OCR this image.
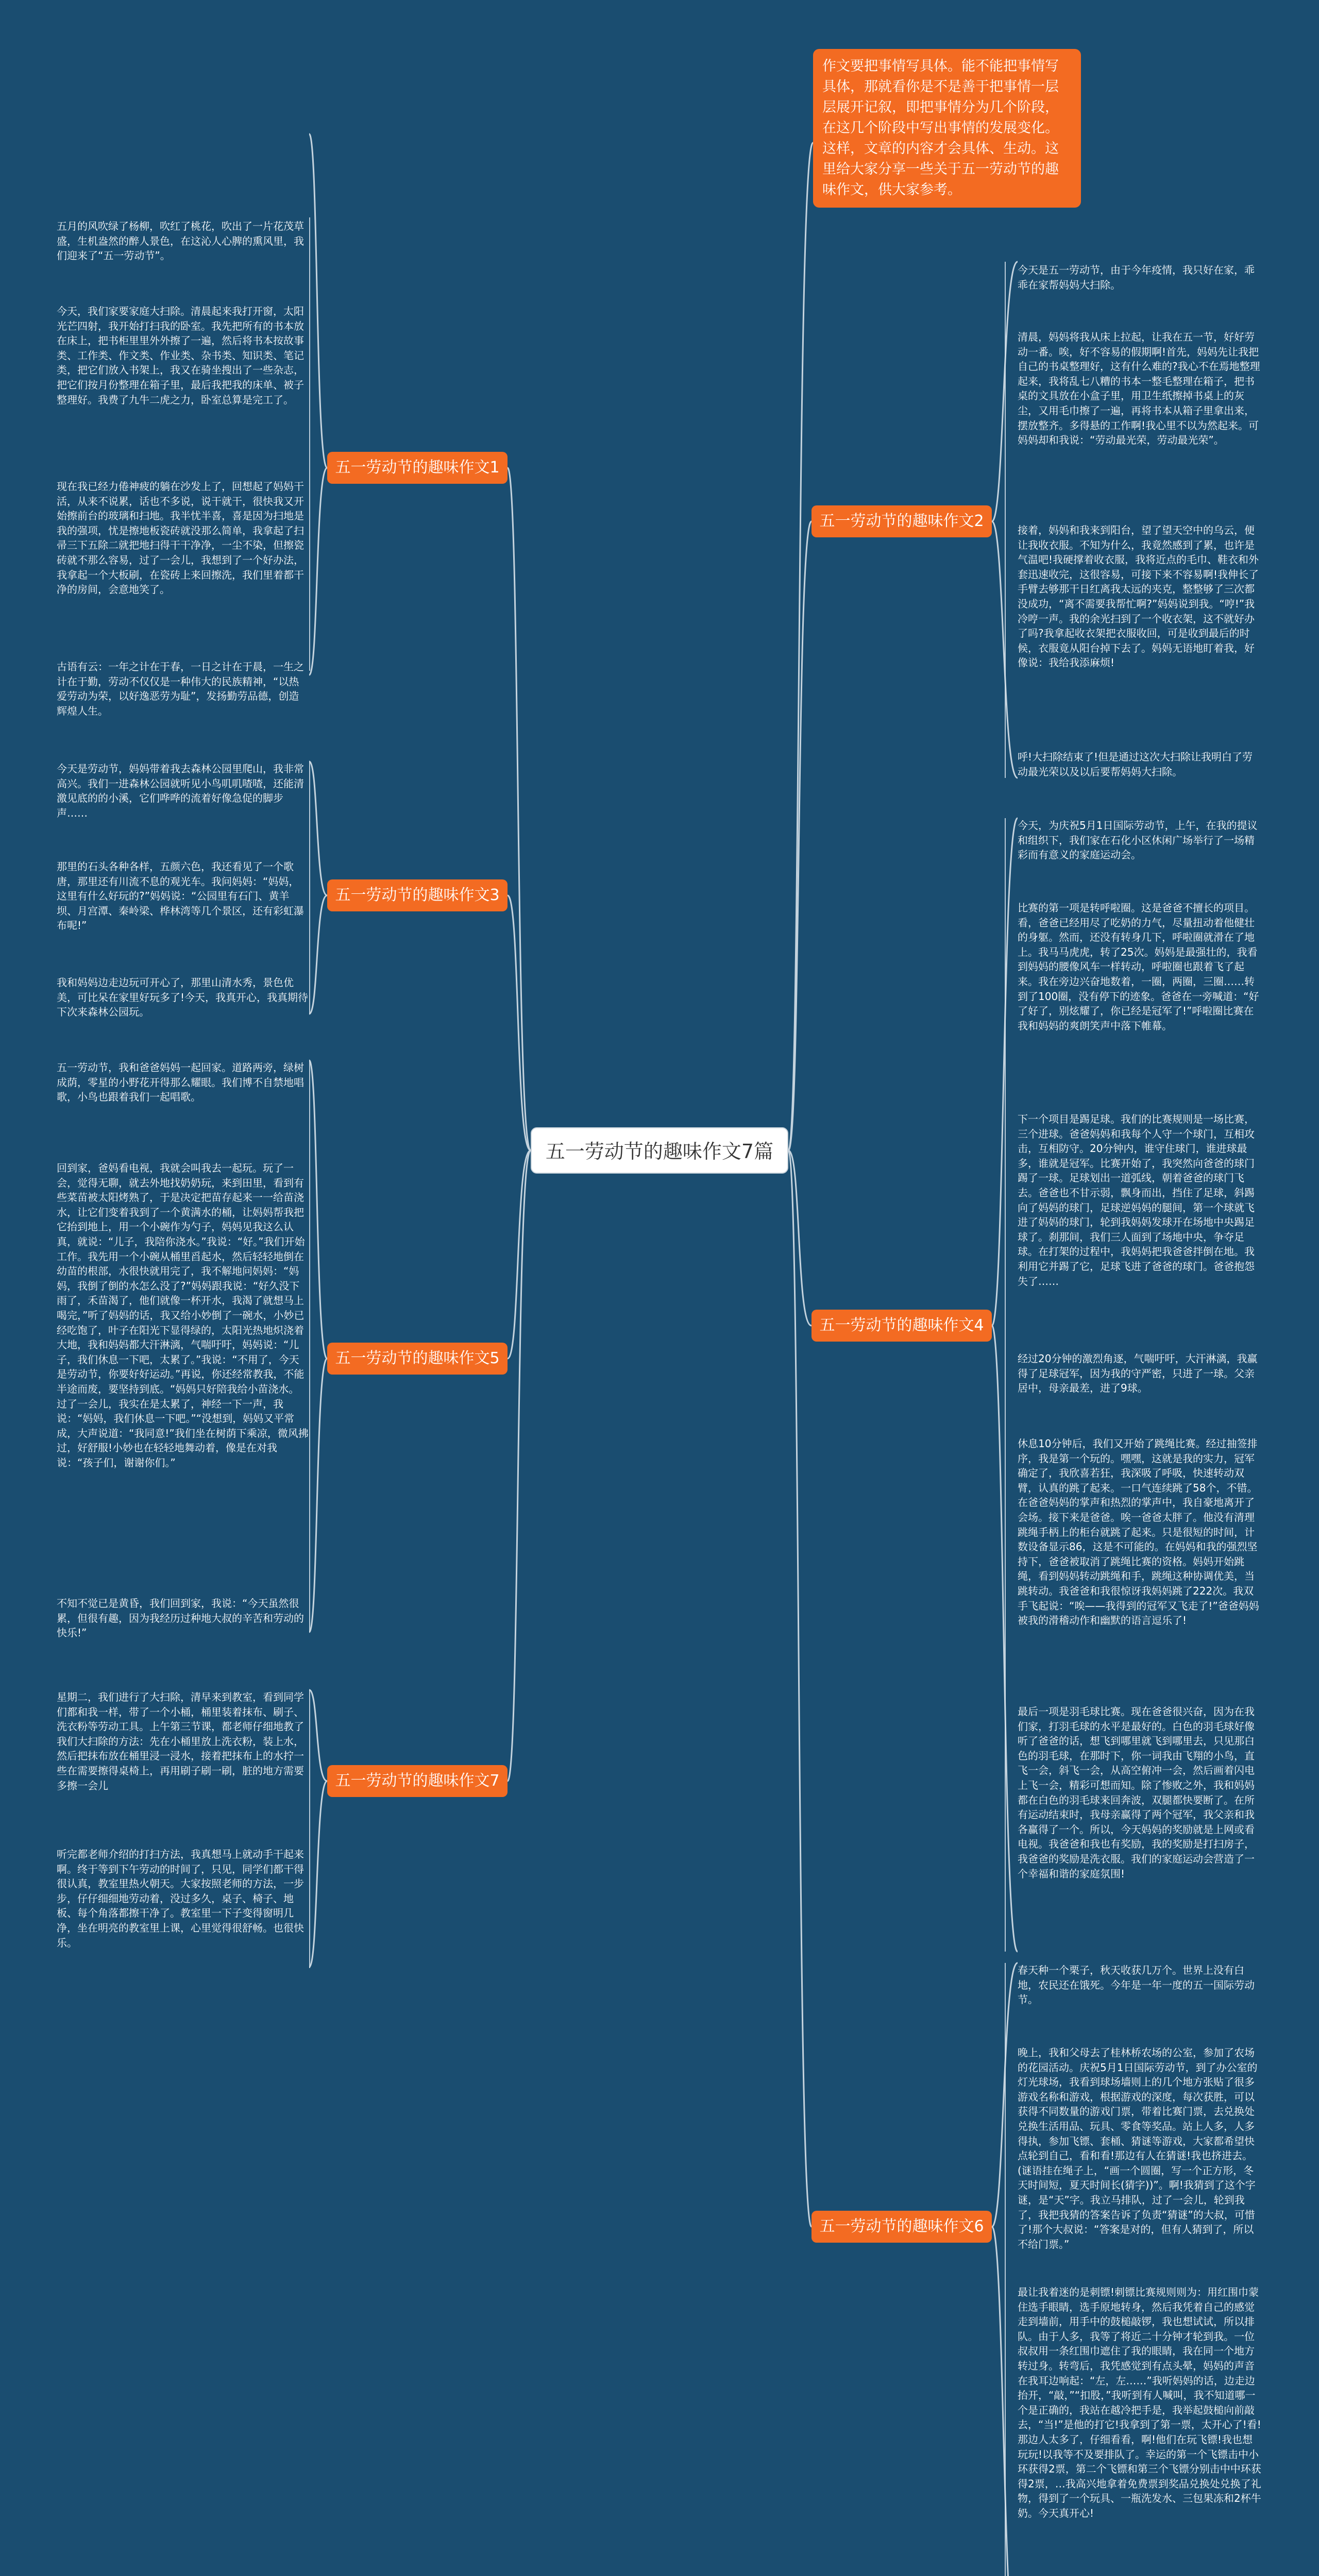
五一劳动节的趣味作文7篇
作文要把事情写具体。能不能把事情写具体，那就看你是不是善于把事情一层层展开记叙，即把事情分为几个阶段，在这几个阶段中写出事情的发展变化。这样，文章的内容才会具体、生动。这里给大家分享一些关于五一劳动节的趣味作文，供大家参考。
五一劳动节的趣味作文1
五一劳动节的趣味作文3
五一劳动节的趣味作文5
五一劳动节的趣味作文7
五一劳动节的趣味作文2
五一劳动节的趣味作文4
五一劳动节的趣味作文6

五月的风吹绿了杨柳，吹红了桃花，吹出了一片花茂草盛，生机盎然的醉人景色，在这沁人心脾的熏风里，我们迎来了“五一劳动节”。

今天，我们家要家庭大扫除。清晨起来我打开窗，太阳光芒四射，我开始打扫我的卧室。我先把所有的书本放在床上，把书柜里里外外擦了一遍，然后将书本按故事类、工作类、作文类、作业类、杂书类、知识类、笔记类，把它们放入书架上，我又在骑坐搜出了一些杂志，把它们按月份整理在箱子里，最后我把我的床单、被子整理好。我费了九牛二虎之力，卧室总算是完工了。

现在我已经力倦神疲的躺在沙发上了，回想起了妈妈干活，从来不说累，话也不多说，说干就干，很快我又开始擦前台的玻璃和扫地。我半忧半喜，喜是因为扫地是我的强项，忧是擦地板瓷砖就没那么简单，我拿起了扫帚三下五除二就把地扫得干干净净，一尘不染，但擦瓷砖就不那么容易，过了一会儿，我想到了一个好办法，我拿起一个大板刷，在瓷砖上来回擦洗，我们里着都干净的房间，会意地笑了。

古语有云：一年之计在于春，一日之计在于晨，一生之计在于勤，劳动不仅仅是一种伟大的民族精神，“以热爱劳动为荣，以好逸恶劳为耻”，发扬勤劳品德，创造辉煌人生。

今天是劳动节，妈妈带着我去森林公园里爬山，我非常高兴。我们一进森林公园就听见小鸟叽叽喳喳，还能清激见底的的小溪，它们哗哗的流着好像急促的脚步声……

那里的石头各种各样，五颜六色，我还看见了一个歌唐，那里还有川流不息的观光车。我问妈妈：“妈妈，这里有什么好玩的?”妈妈说：“公园里有石门、黄羊坝、月宫潭、秦岭梁、桦林湾等几个景区，还有彩虹瀑布呢!”

我和妈妈边走边玩可开心了，那里山清水秀，景色优美，可比呆在家里好玩多了!今天，我真开心，我真期待下次来森林公园玩。

五一劳动节，我和爸爸妈妈一起回家。道路两旁，绿树成荫，零星的小野花开得那么耀眼。我们博不自禁地唱歌，小鸟也跟着我们一起唱歌。

回到家，爸妈看电视，我就会叫我去一起玩。玩了一会，觉得无聊，就去外地找奶奶玩，来到田里，看到有些菜苗被太阳烤熟了，于是决定把苗存起来一一给苗浇水，让它们变着我到了一个黄满水的桶，让妈妈帮我把它抬到地上，用一个小碗作为勺子，妈妈见我这么认真，就说：“儿子，我陪你浇水。”我说：“好。”我们开始工作。我先用一个小碗从桶里舀起水，然后轻轻地倒在幼苗的根部，水很快就用完了，我不解地问妈妈：“妈妈，我倒了倒的水怎么没了?”妈妈跟我说：“好久没下雨了，禾苗渴了，他们就像一杯开水，我渴了就想马上喝完，”听了妈妈的话，我又给小妙倒了一碗水，小妙已经吃饱了，叶子在阳光下显得绿的，太阳光热地炽浇着大地，我和妈妈都大汗淋漓，气喘吁吁，妈妈说：“儿子，我们休息一下吧，太累了。”我说：“不用了，今天是劳动节，你要好好运动。”再说，你还经常教我，不能半途而废，要坚持到底。“妈妈只好陪我给小苗浇水。过了一会儿，我实在是太累了，神经一下一声，我说：“妈妈，我们休息一下吧。”“没想到，妈妈又平常成，大声说道：“我同意!”我们坐在树荫下乘凉，微风拂过，好舒服!小妙也在轻轻地舞动着，像是在对我说：“孩子们，谢谢你们。”

不知不觉已是黄昏，我们回到家，我说：“今天虽然很累，但很有趣，因为我经历过种地大叔的辛苦和劳动的快乐!”

星期二，我们进行了大扫除，清早来到教室，看到同学们都和我一样，带了一个小桶，桶里装着抹布、刷子、洗衣粉等劳动工具。上午第三节课，都老师仔细地教了我们大扫除的方法：先在小桶里放上洗衣粉，装上水，然后把抹布放在桶里浸一浸水，接着把抹布上的水拧一些在需要擦得桌椅上，再用刷子刷一刷，脏的地方需要多擦一会儿

听完都老师介绍的打扫方法，我真想马上就动手干起来啊。终于等到下午劳动的时间了，只见，同学们都干得很认真，教室里热火朝天。大家按照老师的方法，一步步，仔仔细细地劳动着，没过多久，桌子、椅子、地板、每个角落都擦干净了。教室里一下子变得窗明几净，坐在明亮的教室里上课，心里觉得很舒畅。也很快乐。

今天是五一劳动节，由于今年疫情，我只好在家，乖乖在家帮妈妈大扫除。

清晨，妈妈将我从床上拉起，让我在五一节，好好劳动一番。唉，好不容易的假期啊!首先，妈妈先让我把自己的书桌整理好，这有什么难的?我心不在焉地整理起来，我将乱七八糟的书本一整毛整理在箱子，把书桌的文具放在小盒子里，用卫生纸擦掉书桌上的灰尘，又用毛巾擦了一遍，再将书本从箱子里拿出来，摆放整齐。多得悬的工作啊!我心里不以为然起来。可妈妈却和我说：“劳动最光荣，劳动最光荣”。

接着，妈妈和我来到阳台，望了望天空中的乌云，便让我收衣服。不知为什么，我竟然感到了累，也许是气温吧!我硬撑着收衣服，我将近点的毛巾、鞋衣和外套迅速收完，这很容易，可接下来不容易啊!我伸长了手臂去够那干日红离我太远的夹克，整整够了三次都没成功，“离不需要我帮忙啊?”妈妈说到我。“哼!”我冷哼一声。我的余光扫到了一个收衣架，这不就好办了吗?我拿起收衣架把衣服收回，可是收到最后的时候，衣服竟从阳台掉下去了。妈妈无语地盯着我，好像说：我给我添麻烦!

呼!大扫除结束了!但是通过这次大扫除让我明白了劳动最光荣以及以后要帮妈妈大扫除。

今天，为庆祝5月1日国际劳动节，上午，在我的提议和组织下，我们家在石化小区休闲广场举行了一场精彩而有意义的家庭运动会。

比赛的第一项是转呼啦圈。这是爸爸不擅长的项目。看，爸爸已经用尽了吃奶的力气，尽量扭动着他健壮的身躯。然而，还没有转身几下，呼啦圈就滑在了地上。我马马虎虎，转了25次。妈妈是最强壮的，我看到妈妈的腰像风车一样转动，呼啦圈也跟着飞了起来。我在旁边兴奋地数着，一圈，两圈，三圈……转到了100圈，没有停下的迹象。爸爸在一旁喊道：“好了好了，别炫耀了，你已经是冠军了!”呼啦圈比赛在我和妈妈的爽朗笑声中落下帷幕。

下一个项目是踢足球。我们的比赛规则是一场比赛，三个进球。爸爸妈妈和我每个人守一个球门，互相攻击，互相防守。20分钟内，谁守住球门，谁进球最多，谁就是冠军。比赛开始了，我突然向爸爸的球门踢了一球。足球划出一道弧线，朝着爸爸的球门飞去。爸爸也不甘示弱，飘身而出，挡住了足球，斜踢向了妈妈的球门，足球逆妈妈的腿间，第一个球就飞进了妈妈的球门，轮到我妈妈发球开在场地中央踢足球了。刹那间，我们三人面到了场地中央，争夺足球。在打架的过程中，我妈妈把我爸爸拌倒在地。我利用它并踢了它，足球飞进了爸爸的球门。爸爸抱怨失了……

经过20分钟的激烈角逐，气喘吁吁，大汗淋漓，我赢得了足球冠军，因为我的守严密，只进了一球。父亲居中，母亲最差，进了9球。

休息10分钟后，我们又开始了跳绳比赛。经过抽签排序，我是第一个玩的。嘿嘿，这就是我的实力，冠军确定了，我欣喜若狂，我深吸了呼吸，快速转动双臂，认真的跳了起来。一口气连续跳了58个，不错。在爸爸妈妈的掌声和热烈的掌声中，我自豪地离开了会场。接下来是爸爸。唉一爸爸太胖了。他没有清理跳绳手柄上的柜台就跳了起来。只是很短的时间，计数设备显示86，这是不可能的。在妈妈和我的强烈坚持下，爸爸被取消了跳绳比赛的资格。妈妈开始跳绳，看到妈妈转动跳绳和手，跳绳这种协调优美，当跳转动。我爸爸和我很惊讶我妈妈跳了222次。我双手飞起说：“唉——我得到的冠军又飞走了!”爸爸妈妈被我的滑稽动作和幽默的语言逗乐了!

最后一项是羽毛球比赛。现在爸爸很兴奋，因为在我们家，打羽毛球的水平是最好的。白色的羽毛球好像听了爸爸的话，想飞到哪里就飞到哪里去，只见那白色的羽毛球，在那时下，你一词我由飞翔的小鸟，直飞一会，斜飞一会，从高空俯冲一会，然后画着闪电上飞一会，精彩可想而知。除了惨败之外，我和妈妈都在白色的羽毛球来回奔波，双腿都快要断了。在所有运动结束时，我母亲赢得了两个冠军，我父亲和我各赢得了一个。所以，今天妈妈的奖励就是上网或看电视。我爸爸和我也有奖励，我的奖励是打扫房子，我爸爸的奖励是洗衣服。我们的家庭运动会营造了一个幸福和谐的家庭氛围!

春天种一个栗子，秋天收获几万个。世界上没有白地，农民还在饿死。今年是一年一度的五一国际劳动节。

晚上，我和父母去了桂林桥农场的公室，参加了农场的花园活动。庆祝5月1日国际劳动节，到了办公室的灯光球场，我看到球场墙则上的几个地方张贴了很多游戏名称和游戏，根据游戏的深度，每次获胜，可以获得不同数量的游戏门票，带着比赛门票，去兑换处兑换生活用品、玩具、零食等奖品。站上人多，人多得执，参加飞镖、套桶、猜谜等游戏，大家都希望快点轮到自己，看和看!那边有人在猜谜!我也挤进去。(谜语挂在绳子上，“画一个圆圈，写一个正方形，冬天时间短，夏天时间长(猜字))”。啊!我猜到了这个字谜，是“天”字。我立马排队，过了一会儿，轮到我了，我把我猜的答案告诉了负责“猜谜”的大叔，可惜了!那个大叔说：“答案是对的，但有人猜到了，所以不给门票。”

最让我着迷的是刺镖!刺镖比赛规则则为：用红围巾蒙住选手眼睛，选手原地转身，然后我凭着自己的感觉走到墙前，用手中的鼓槌敲锣，我也想试试，所以排队。由于人多，我等了将近二十分钟才轮到我。一位叔叔用一条红围巾遮住了我的眼睛，我在同一个地方转过身。转弯后，我凭感觉到有点头晕，妈妈的声音在我耳边响起：“左，左……”我听妈妈的话，边走边抬开，“敲，”“扣股，”我听到有人喊叫，我不知道哪一个是正确的，我站在越冷把手是，我举起鼓槌向前敲去，“当!”是他的打它!我拿到了第一票，太开心了!看!那边人太多了，仔细看看，啊!他们在玩飞镖!我也想玩玩!以我等不及要排队了。幸运的第一个飞镖击中小环获得2票，第二个飞镖和第三个飞镖分别击中中环获得2票，…我高兴地拿着免费票到奖品兑换处兑换了礼物，得到了一个玩具、一瓶洗发水、三包果冻和2杯牛奶。今天真开心!
